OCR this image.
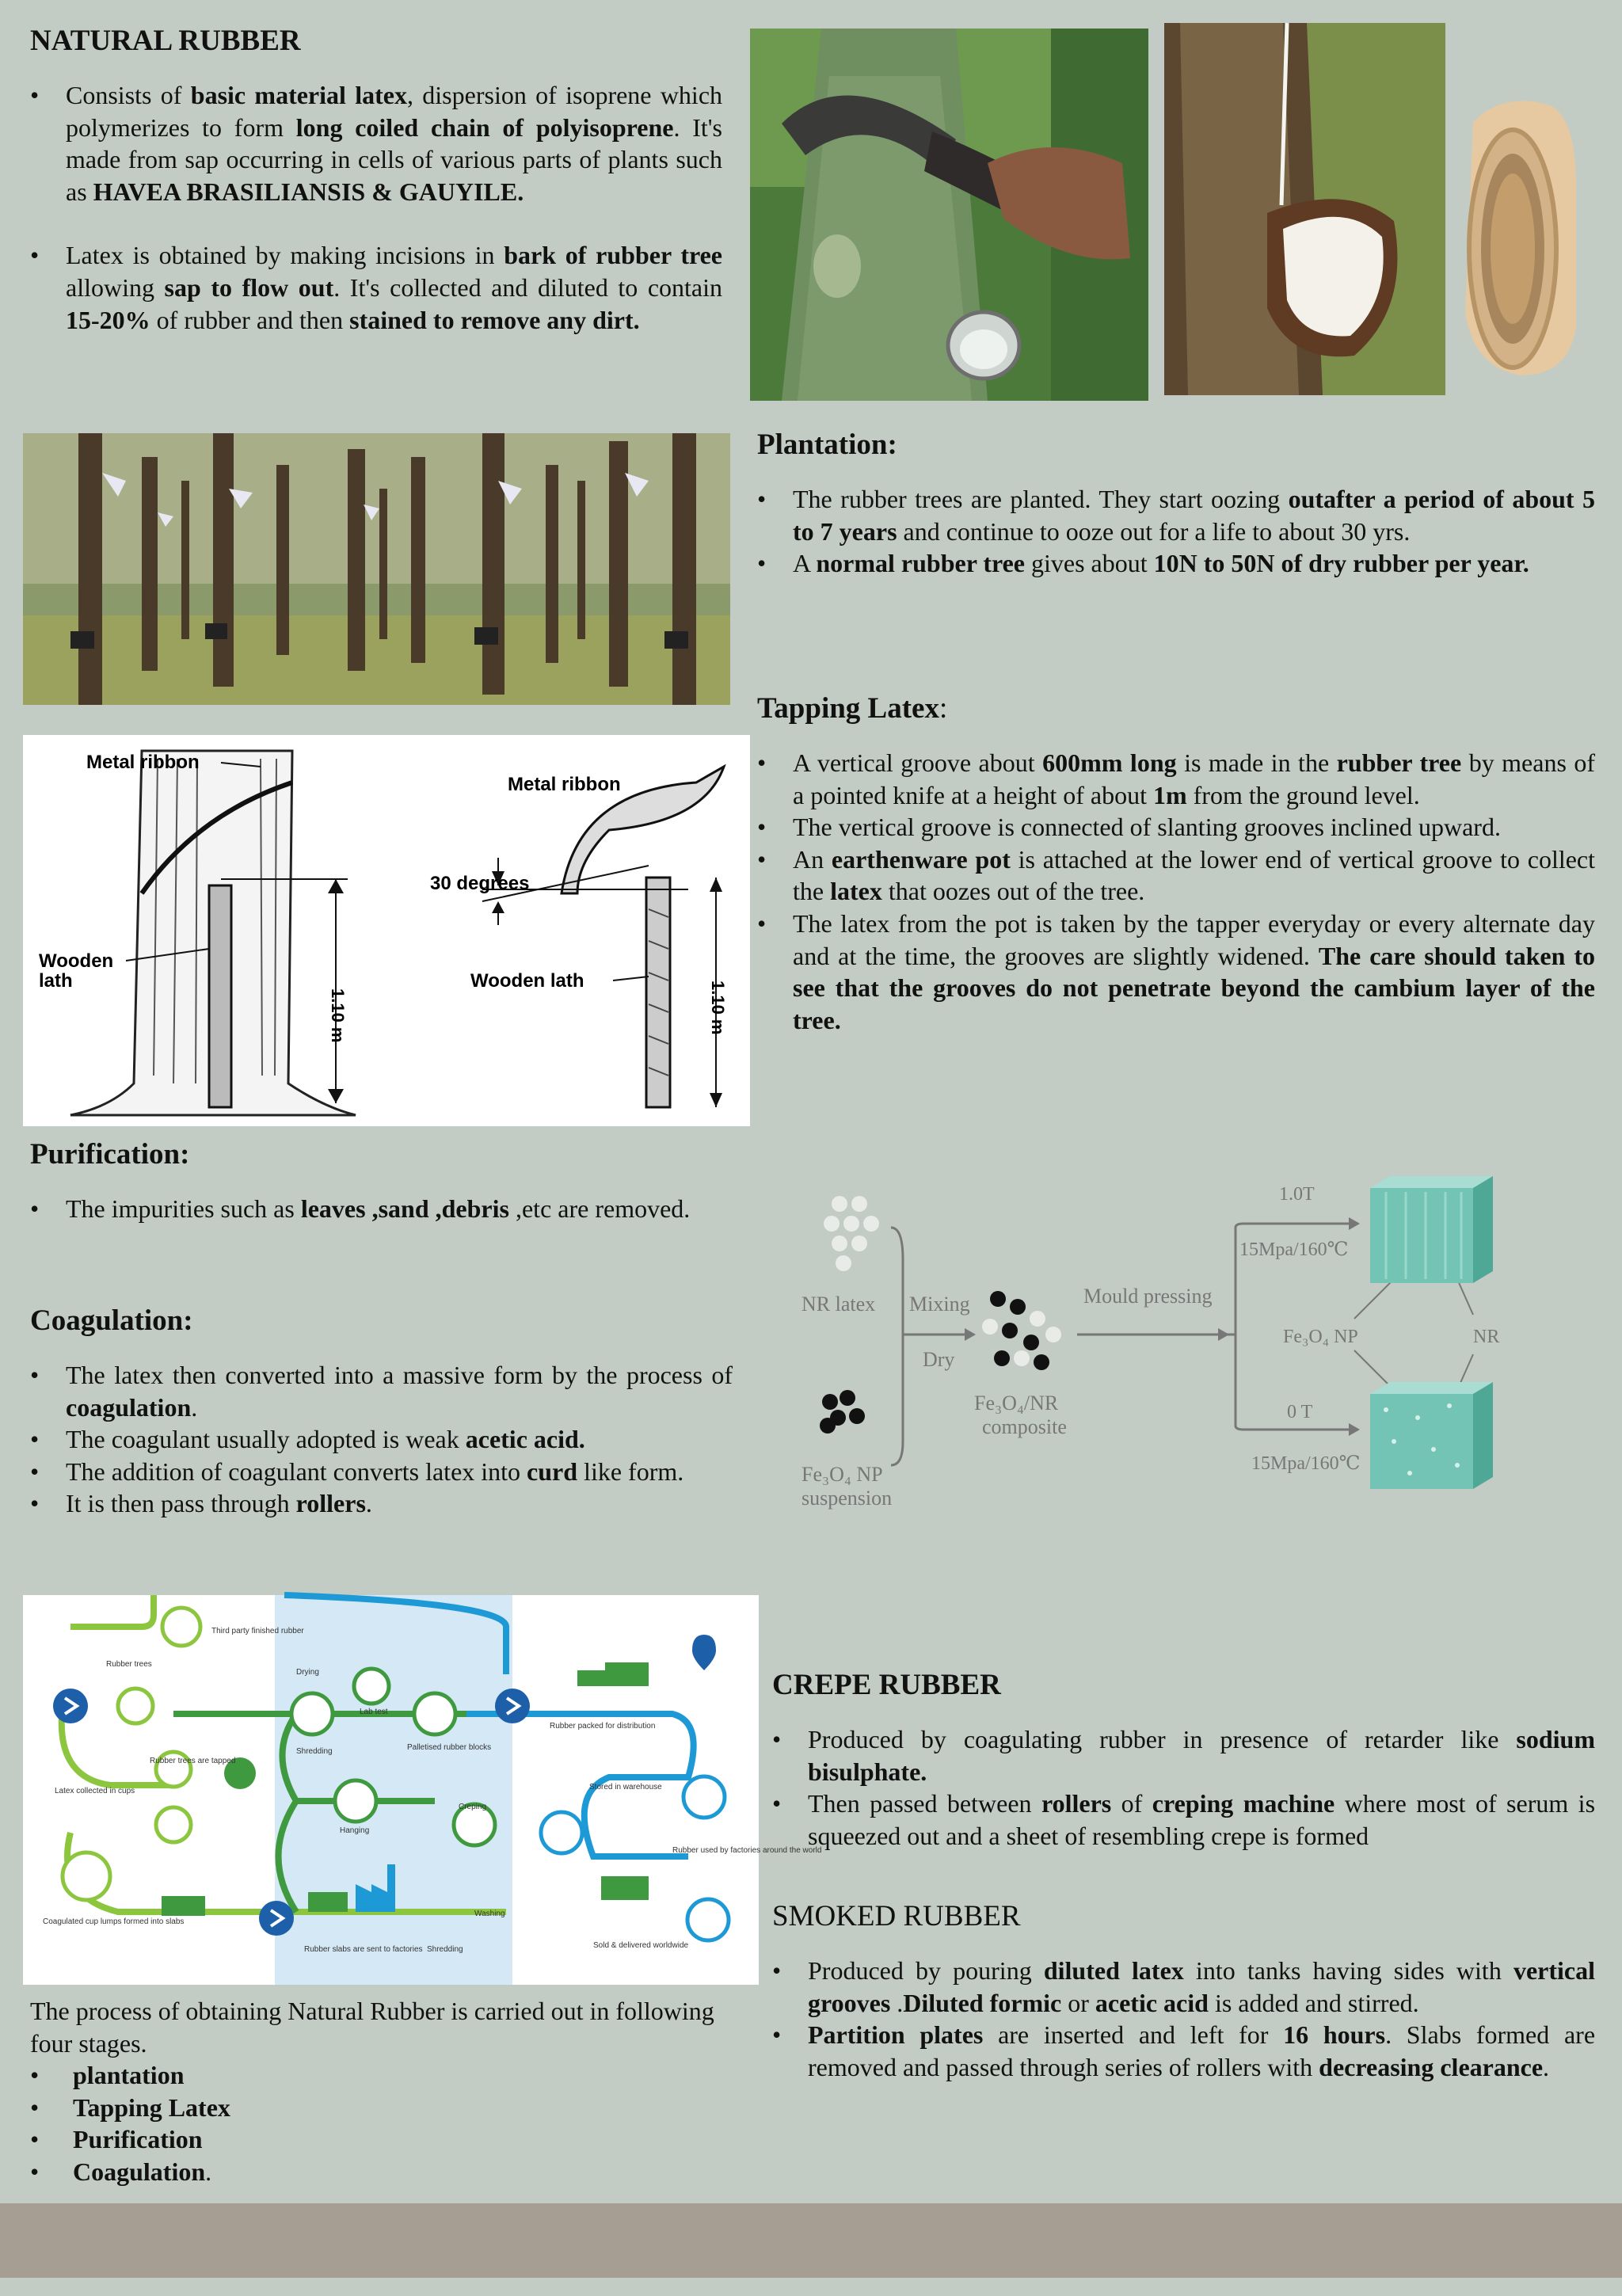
NATURAL RUBBER
• Consists of basic material latex, dispersion of isoprene which polymerizes to form long coiled chain of polyisoprene. It's made from sap occurring in cells of various parts of plants such as HAVEA BRASILIANSIS & GAUYILE.
• Latex is obtained by making incisions in bark of rubber tree allowing sap to flow out. It's collected and diluted to contain 15-20% of rubber and then stained to remove any dirt.
Plantation:
• The rubber trees are planted. They start oozing outafter a period of about 5 to 7 years and continue to ooze out for a life to about 30 yrs.
• A normal rubber tree gives about 10N to 50N of dry rubber per year.
Tapping Latex:
• A vertical groove about 600mm long is made in the rubber tree by means of a pointed knife at a height of about 1m from the ground level.
• The vertical groove is connected of slanting grooves inclined upward.
• An earthenware pot is attached at the lower end of vertical groove to collect the latex that oozes out of the tree.
• The latex from the pot is taken by the tapper everyday or every alternate day and at the time, the grooves are slightly widened. The care should taken to see that the grooves do not penetrate beyond the cambium layer of the tree.
1.10 m
Metal ribbon
Wooden
lath	1.10 m
Metal ribbon
30 degrees
Wooden lath
Purification:
• The impurities such as leaves ,sand ,debris ,etc are removed.
Coagulation:
• The latex then converted into a massive form by the process of coagulation.
• The coagulant usually adopted is weak acetic acid.
• The addition of coagulant converts latex into curd like form.
• It is then pass through rollers.
NR latex
Fe₃O₄ NP
suspension
Mixing
Dry
Fe₃O₄/NR
composite
Mould pressing
1.0T
15Mpa/160℃
0 T
15Mpa/160℃
Fe₃O₄ NP	NR
Third party finished rubber
Rubber trees
Rubber trees are tapped
Latex collected in cups
Coagulated cup lumps formed into slabs
Drying
Lab test
Shredding	Palletised rubber blocks
Creping
Hanging
Washing
Shredding
Rubber slabs are sent to factories
Rubber packed for distribution
Stored in warehouse
Rubber used by factories around the world
Sold & delivered worldwide

The process of obtaining Natural Rubber is carried out in following four stages.

• plantation
• Tapping Latex
• Purification
• Coagulation.
CREPE RUBBER
• Produced by coagulating rubber in presence of retarder like sodium bisulphate.
• Then passed between rollers of creping machine where most of serum is squeezed out and a sheet of resembling crepe is formed
SMOKED RUBBER
• Produced by pouring diluted latex into tanks having sides with vertical grooves .Diluted formic or acetic acid is added and stirred.
• Partition plates are inserted and left for 16 hours. Slabs formed are removed and passed through series of rollers with decreasing clearance.
